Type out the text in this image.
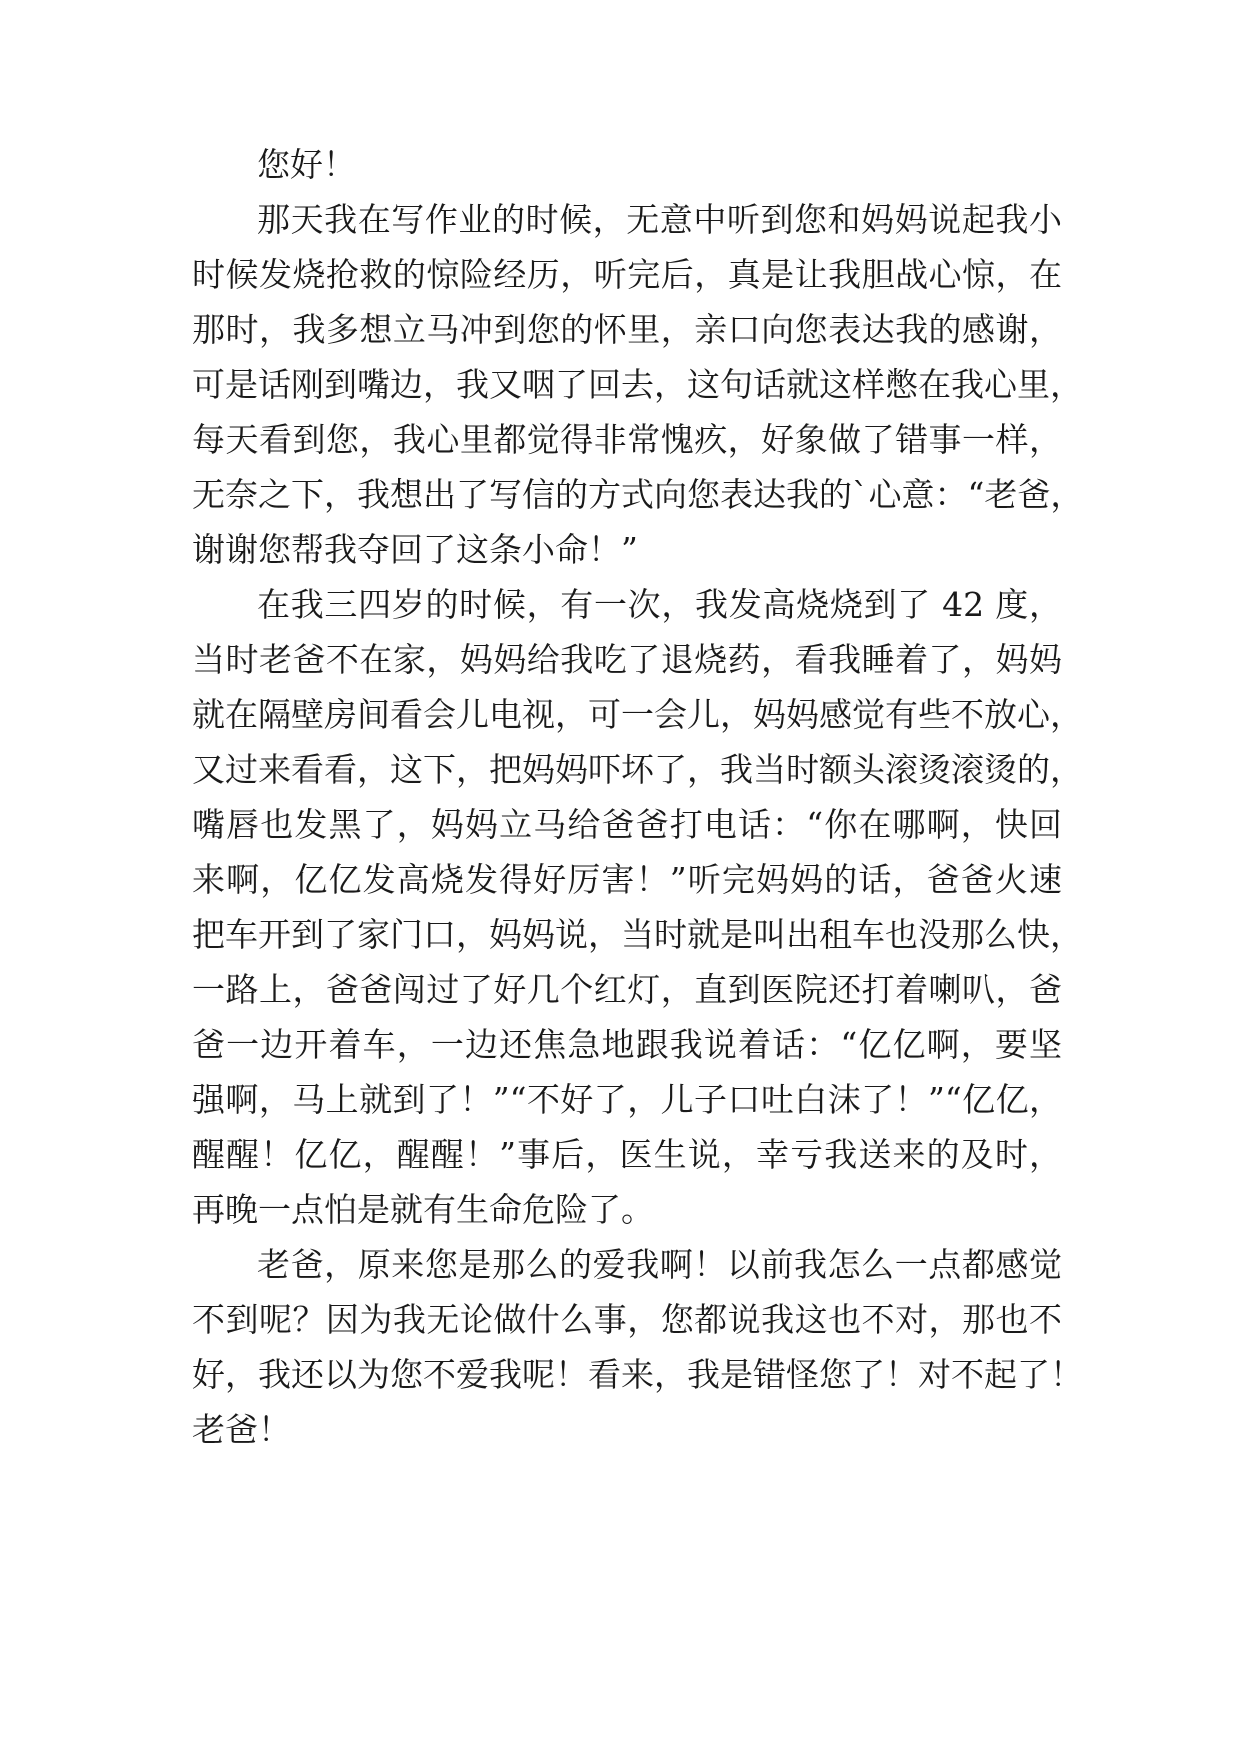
您好！
那天我在写作业的时候，无意中听到您和妈妈说起我小
时候发烧抢救的惊险经历，听完后，真是让我胆战心惊，在
那时，我多想立马冲到您的怀里，亲口向您表达我的感谢，
可是话刚到嘴边，我又咽了回去，这句话就这样憋在我心里，
每天看到您，我心里都觉得非常愧疚，好象做了错事一样，
无奈之下，我想出了写信的方式向您表达我的`心意：“老爸，
谢谢您帮我夺回了这条小命！”
在我三四岁的时候，有一次，我发高烧烧到了 42 度，
当时老爸不在家，妈妈给我吃了退烧药，看我睡着了，妈妈
就在隔壁房间看会儿电视，可一会儿，妈妈感觉有些不放心，
又过来看看，这下，把妈妈吓坏了，我当时额头滚烫滚烫的，
嘴唇也发黑了，妈妈立马给爸爸打电话：“你在哪啊，快回
来啊，亿亿发高烧发得好厉害！”听完妈妈的话，爸爸火速
把车开到了家门口，妈妈说，当时就是叫出租车也没那么快，
一路上，爸爸闯过了好几个红灯，直到医院还打着喇叭，爸
爸一边开着车，一边还焦急地跟我说着话：“亿亿啊，要坚
强啊，马上就到了！”“不好了，儿子口吐白沫了！”“亿亿，
醒醒！亿亿，醒醒！”事后，医生说，幸亏我送来的及时，
再晚一点怕是就有生命危险了。
老爸，原来您是那么的爱我啊！以前我怎么一点都感觉
不到呢？因为我无论做什么事，您都说我这也不对，那也不
好，我还以为您不爱我呢！看来，我是错怪您了！对不起了！
老爸！
